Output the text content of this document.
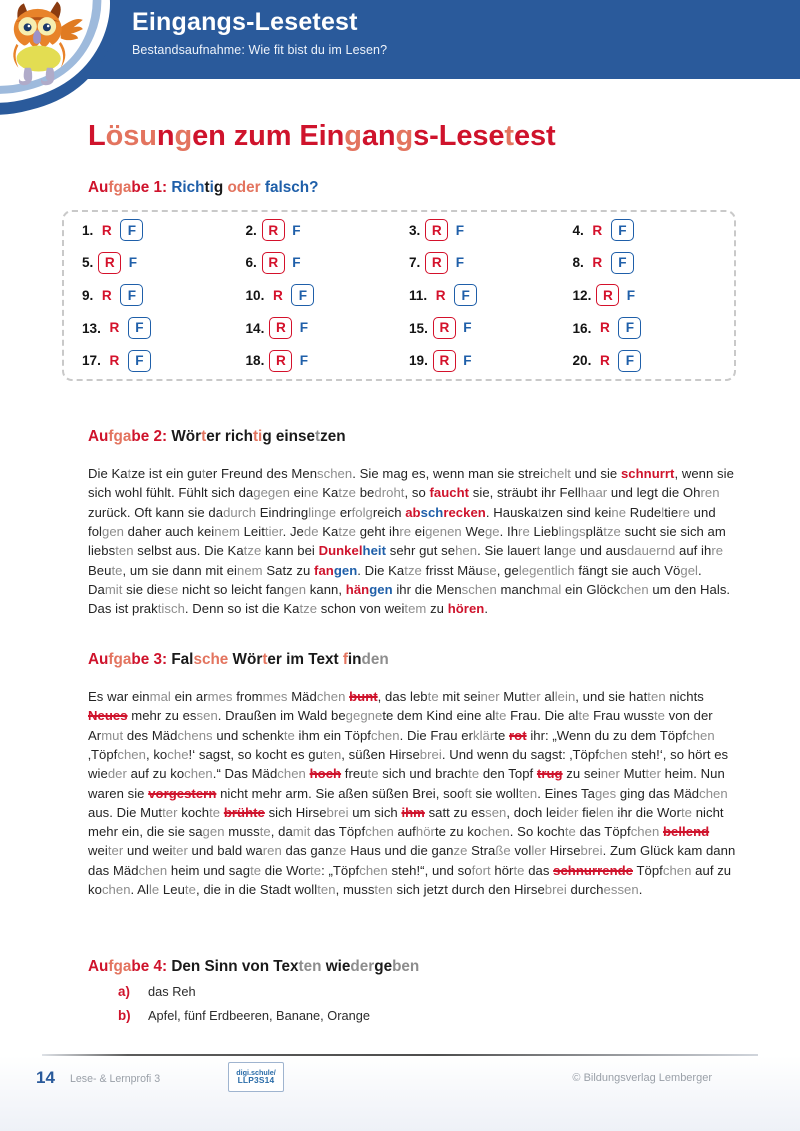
Eingangs-Lesetest
Bestandsaufnahme: Wie fit bist du im Lesen?
Lösungen zum Eingangs-Lesetest
Aufgabe 1: Richtig oder falsch?
1. R	F	2. R	F	3. R	F	4. R	F
5. R	F	6. R	F	7. R	F	8. R	F
9. R	F	10. R	F	11. R	F	12. R	F
13. R	F	14. R	F	15. R	F	16. R	F
17. R	F	18. R	F	19. R	F	20. R	F
Aufgabe 2: Wörter richtig einsetzen

Die Katze ist ein guter Freund des Menschen. Sie mag es, wenn man sie streichelt und sie schnurrt, wenn sie sich wohl fühlt. Fühlt sich dagegen eine Katze bedroht, so faucht sie, sträubt ihr Fellhaar und legt die Ohren zurück. Oft kann sie dadurch Eindringlinge erfolgreich abschrecken. Hauskatzen sind keine Rudeltiere und folgen daher auch keinem Leittier. Jede Katze geht ihre eigenen Wege. Ihre Lieblingsplätze sucht sie sich am liebsten selbst aus. Die Katze kann bei Dunkelheit sehr gut sehen. Sie lauert lange und ausdauernd auf ihre Beute, um sie dann mit einem Satz zu fangen. Die Katze frisst Mäuse, gelegentlich fängt sie auch Vögel. Damit sie diese nicht so leicht fangen kann, hängen ihr die Menschen manchmal ein Glöckchen um den Hals. Das ist praktisch. Denn so ist die Katze schon von weitem zu hören.

Aufgabe 3: Falsche Wörter im Text finden

Es war einmal ein armes frommes Mädchen bunt, das lebte mit seiner Mutter allein, und sie hatten nichts Neues mehr zu essen. Draußen im Wald begegnete dem Kind eine alte Frau. Die alte Frau wusste von der Armut des Mädchens und schenkte ihm ein Töpfchen. Die Frau erklärte rot ihr: „Wenn du zu dem Töpfchen ‚Töpfchen, koche!‘ sagst, so kocht es guten, süßen Hirsebrei. Und wenn du sagst: ‚Töpfchen steh!‘, so hört es wieder auf zu kochen.“ Das Mädchen hoch freute sich und brachte den Topf trug zu seiner Mutter heim. Nun waren sie vorgestern nicht mehr arm. Sie aßen süßen Brei, sooft sie wollten. Eines Tages ging das Mädchen aus. Die Mutter kochte brühte sich Hirsebrei um sich ihm satt zu essen, doch leider fielen ihr die Worte nicht mehr ein, die sie sagen musste, damit das Töpfchen aufhörte zu kochen. So kochte das Töpfchen bellend weiter und weiter und bald waren das ganze Haus und die ganze Straße voller Hirsebrei. Zum Glück kam dann das Mädchen heim und sagte die Worte: „Töpfchen steh!“, und sofort hörte das schnurrende Töpfchen auf zu kochen. Alle Leute, die in die Stadt wollten, mussten sich jetzt durch den Hirsebrei durchessen.

Aufgabe 4: Den Sinn von Texten wiedergeben
a)	das Reh
b)	Apfel, fünf Erdbeeren, Banane, Orange
14 Lese- & Lernprofi 3
digi.schule/
LLP3S14	© Bildungsverlag Lemberger
